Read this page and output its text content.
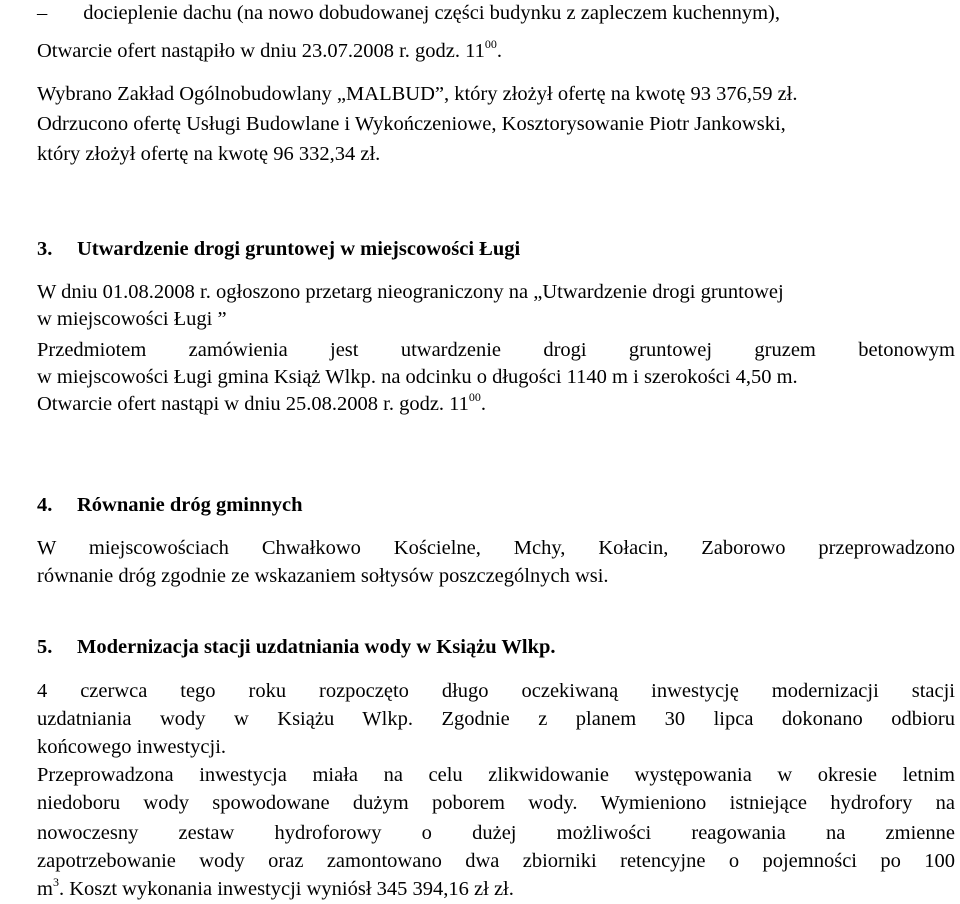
– docieplenie dachu (na nowo dobudowanej części budynku z zapleczem kuchennym),
Otwarcie ofert nastąpiło w dniu 23.07.2008 r. godz. $11^{00}$.
Wybrano Zakład Ogólnobudowlany „MALBUD”, który złożył ofertę na kwotę 93 376,59 zł.
Odrzucono ofertę Usługi Budowlane i Wykończeniowe, Kosztorysowanie Piotr Jankowski,
który złożył ofertę na kwotę 96 332,34 zł.
3. Utwardzenie drogi gruntowej w miejscowości Ługi
W dniu 01.08.2008 r. ogłoszono przetarg nieograniczony na „Utwardzenie drogi gruntowej
w miejscowości Ługi ”
Przedmiotem zamówienia jest utwardzenie drogi gruntowej gruzem betonowym
w miejscowości Ługi gmina Książ Wlkp. na odcinku o długości 1140 m i szerokości 4,50 m.
Otwarcie ofert nastąpi w dniu 25.08.2008 r. godz. $11^{00}$.
4. Równanie dróg gminnych
W miejscowościach Chwałkowo Kościelne, Mchy, Kołacin, Zaborowo przeprowadzono
równanie dróg zgodnie ze wskazaniem sołtysów poszczególnych wsi.
5. Modernizacja stacji uzdatniania wody w Książu Wlkp.
4 czerwca tego roku rozpoczęto długo oczekiwaną inwestycję modernizacji stacji
uzdatniania wody w Książu Wlkp. Zgodnie z planem 30 lipca dokonano odbioru
końcowego inwestycji.
Przeprowadzona inwestycja miała na celu zlikwidowanie występowania w okresie letnim
niedoboru wody spowodowane dużym poborem wody. Wymieniono istniejące hydrofory na
nowoczesny zestaw hydroforowy o dużej możliwości reagowania na zmienne
zapotrzebowanie wody oraz zamontowano dwa zbiorniki retencyjne o pojemności po 100
$m^3$. Koszt wykonania inwestycji wyniósł 345 394,16 zł zł.
